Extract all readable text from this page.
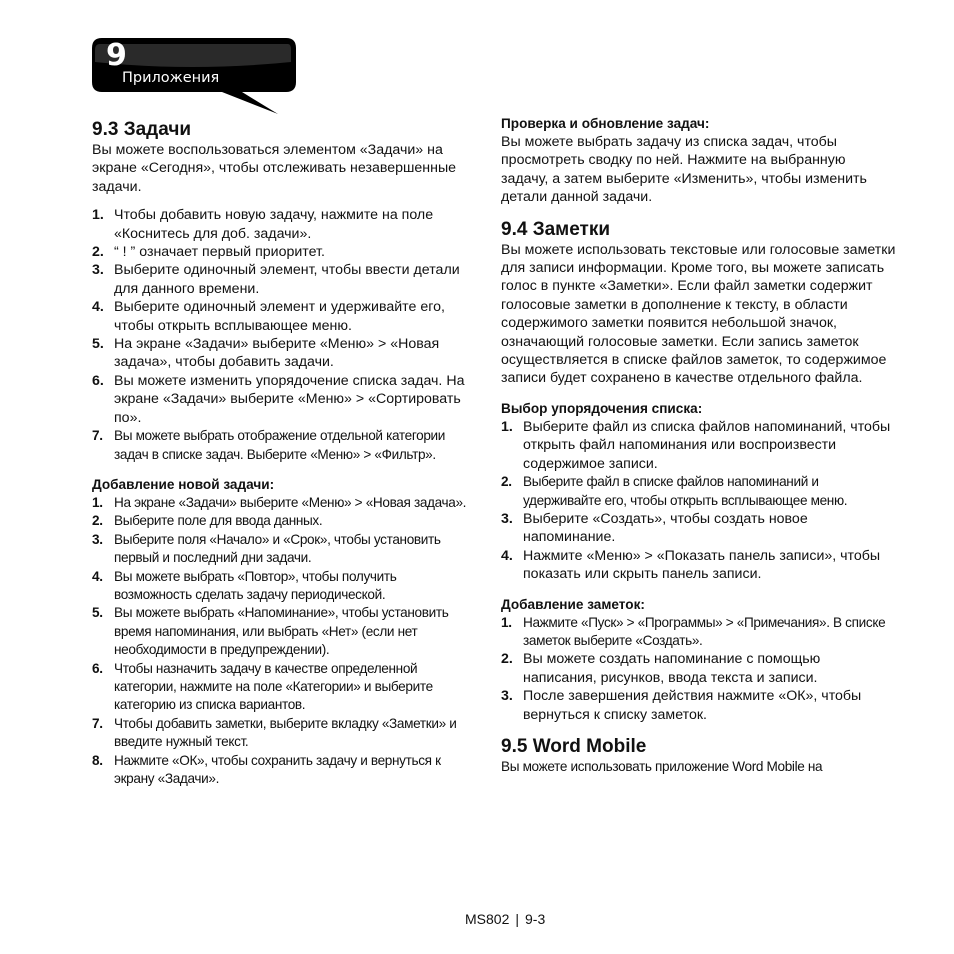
9
Приложения
9.3 Задачи

Вы можете воспользоваться элементом «Задачи» на экране «Сегодня», чтобы отслеживать незавершенные задачи.

1. Чтобы добавить новую задачу, нажмите на поле «Коснитесь для доб. задачи».
2. “ ! ” означает первый приоритет.
3. Выберите одиночный элемент, чтобы ввести детали для данного времени.
4. Выберите одиночный элемент и удерживайте его, чтобы открыть всплывающее меню.
5. На экране «Задачи» выберите «Меню» > «Новая задача», чтобы добавить задачи.
6. Вы можете изменить упорядочение списка задач. На экране «Задачи» выберите «Меню» > «Сортировать по».
7. Вы можете выбрать отображение отдельной категории задач в списке задач. Выберите «Меню» > «Фильтр».
Добавление новой задачи:
1. На экране «Задачи» выберите «Меню» > «Новая задача».
2. Выберите поле для ввода данных.
3. Выберите поля «Начало» и «Срок», чтобы установить первый и последний дни задачи.
4. Вы можете выбрать «Повтор», чтобы получить возможность сделать задачу периодической.
5. Вы можете выбрать «Напоминание», чтобы установить время напоминания, или выбрать «Нет» (если нет необходимости в предупреждении).
6. Чтобы назначить задачу в качестве определенной категории, нажмите на поле «Категории» и выберите категорию из списка вариантов.
7. Чтобы добавить заметки, выберите вкладку «Заметки» и введите нужный текст.
8. Нажмите «ОК», чтобы сохранить задачу и вернуться к экрану «Задачи».
Проверка и обновление задач:

Вы можете выбрать задачу из списка задач, чтобы просмотреть сводку по ней. Нажмите на выбранную задачу, а затем выберите «Изменить», чтобы изменить детали данной задачи.

9.4 Заметки

Вы можете использовать текстовые или голосовые заметки для записи информации. Кроме того, вы можете записать голос в пункте «Заметки». Если файл заметки содержит голосовые заметки в дополнение к тексту, в области содержимого заметки появится небольшой значок, означающий голосовые заметки. Если запись заметок осуществляется в списке файлов заметок, то содержимое записи будет сохранено в качестве отдельного файла.

Выбор упорядочения списка:
1. Выберите файл из списка файлов напоминаний, чтобы открыть файл напоминания или воспроизвести содержимое записи.
2. Выберите файл в списке файлов напоминаний и удерживайте его, чтобы открыть всплывающее меню.
3. Выберите «Создать», чтобы создать новое напоминание.
4. Нажмите «Меню» > «Показать панель записи», чтобы показать или скрыть панель записи.
Добавление заметок:
1. Нажмите «Пуск» > «Программы» > «Примечания». В списке заметок выберите «Создать».
2. Вы можете создать напоминание с помощью написания, рисунков, ввода текста и записи.
3. После завершения действия нажмите «ОК», чтобы вернуться к списку заметок.
9.5 Word Mobile

Вы можете использовать приложение Word Mobile на

MS802 | 9-3
